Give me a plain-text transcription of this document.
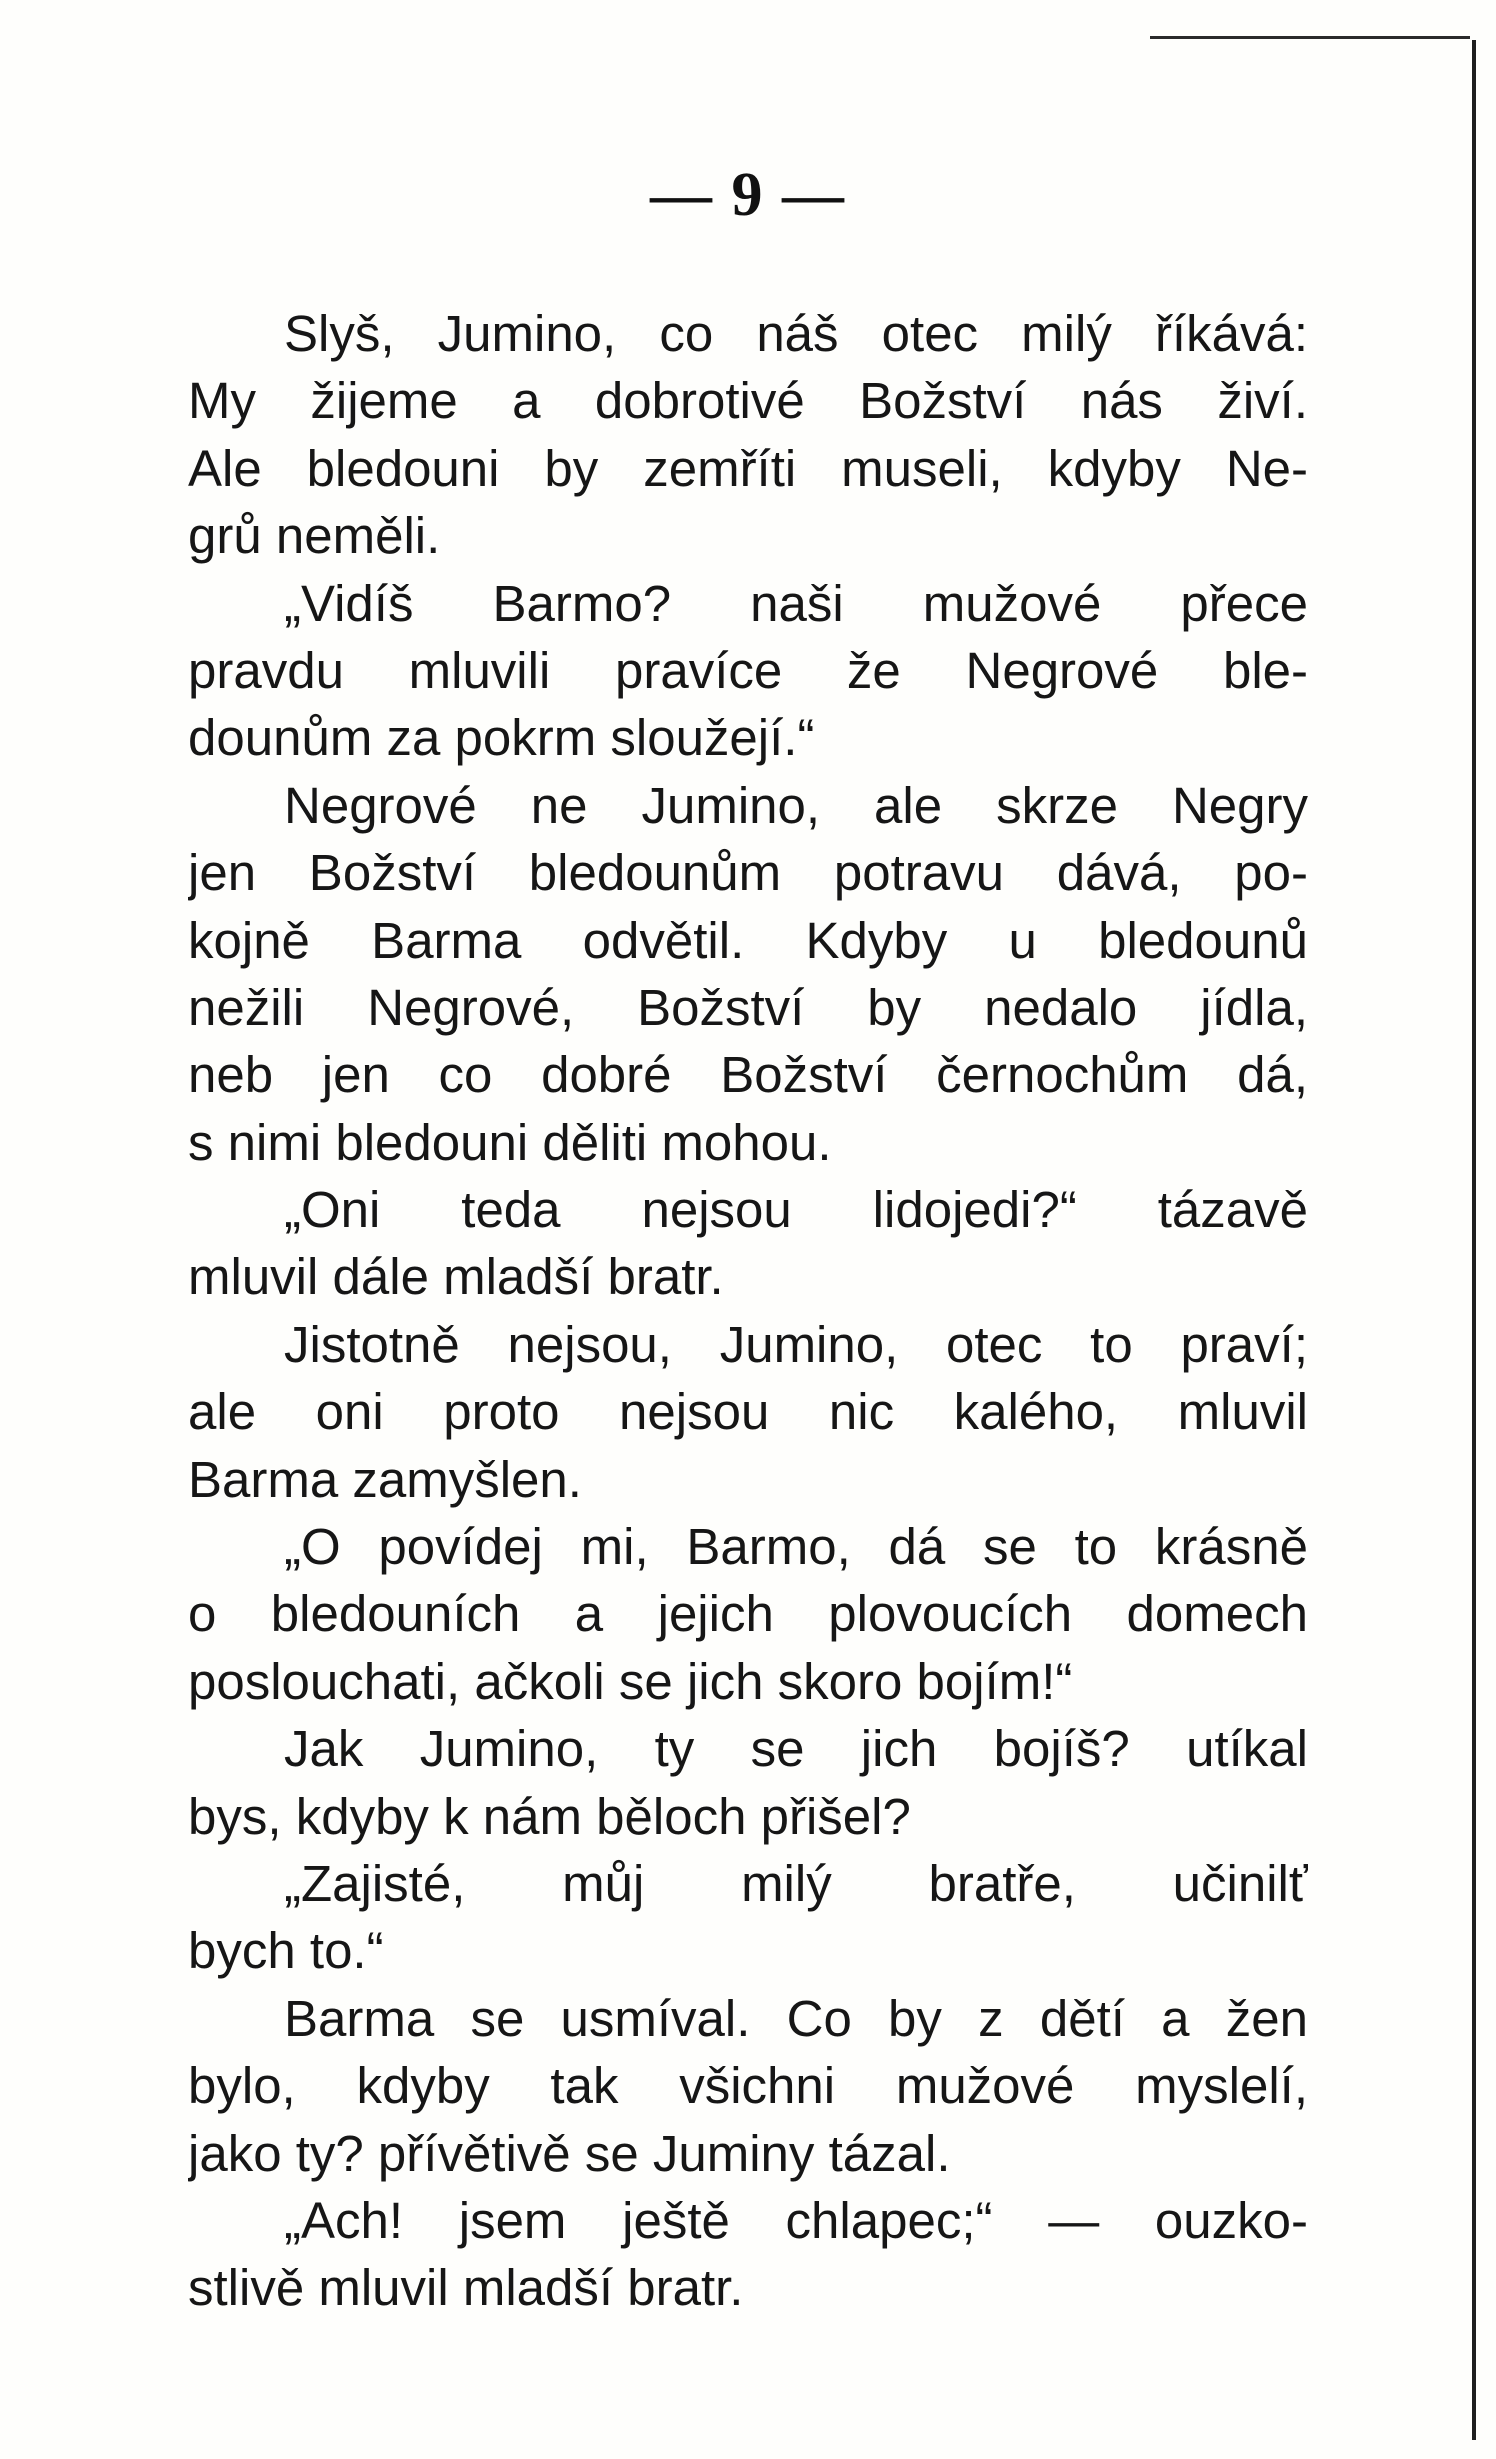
— 9 —
Slyš, Jumino, co náš otec milý říkává:
My žijeme a dobrotivé Božství nás živí.
Ale bledouni by zemříti museli, kdyby Ne-
grů neměli.
„Vidíš Barmo? naši mužové přece
pravdu mluvili pravíce že Negrové ble-
dounům za pokrm sloužejí.“
Negrové ne Jumino, ale skrze Negry
jen Božství bledounům potravu dává, po-
kojně Barma odvětil. Kdyby u bledounů
nežili Negrové, Božství by nedalo jídla,
neb jen co dobré Božství černochům dá,
s nimi bledouni děliti mohou.
„Oni teda nejsou lidojedi?“ tázavě
mluvil dále mladší bratr.
Jistotně nejsou, Jumino, otec to praví;
ale oni proto nejsou nic kalého, mluvil
Barma zamyšlen.
„O povídej mi, Barmo, dá se to krásně
o bledouních a jejich plovoucích domech
poslouchati, ačkoli se jich skoro bojím!“
Jak Jumino, ty se jich bojíš? utíkal
bys, kdyby k nám běloch přišel?
„Zajisté, můj milý bratře, učinilť
bych to.“
Barma se usmíval. Co by z dětí a žen
bylo, kdyby tak všichni mužové myslelí,
jako ty? přívětivě se Juminy tázal.
„Ach! jsem ještě chlapec;“ — ouzko-
stlivě mluvil mladší bratr.
